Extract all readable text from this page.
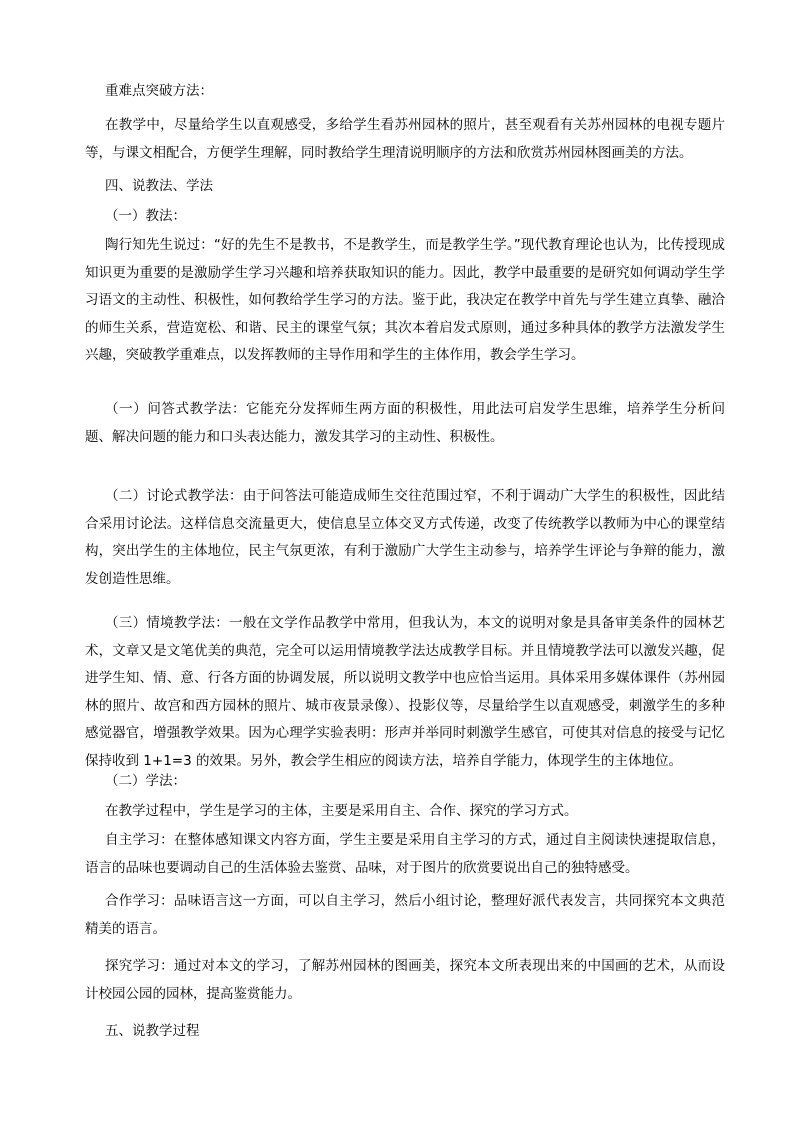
重难点突破方法：
在教学中，尽量给学生以直观感受，多给学生看苏州园林的照片，甚至观看有关苏州园林的电视专题片等，与课文相配合，方便学生理解，同时教给学生理清说明顺序的方法和欣赏苏州园林图画美的方法。
四、说教法、学法
（一）教法：
陶行知先生说过：“好的先生不是教书，不是教学生，而是教学生学。”现代教育理论也认为，比传授现成知识更为重要的是激励学生学习兴趣和培养获取知识的能力。因此，教学中最重要的是研究如何调动学生学习语文的主动性、积极性，如何教给学生学习的方法。鉴于此，我决定在教学中首先与学生建立真挚、融洽的师生关系，营造宽松、和谐、民主的课堂气氛；其次本着启发式原则，通过多种具体的教学方法激发学生兴趣，突破教学重难点，以发挥教师的主导作用和学生的主体作用，教会学生学习。
（一）问答式教学法：它能充分发挥师生两方面的积极性，用此法可启发学生思维，培养学生分析问题、解决问题的能力和口头表达能力，激发其学习的主动性、积极性。
（二）讨论式教学法：由于问答法可能造成师生交往范围过窄，不利于调动广大学生的积极性，因此结合采用讨论法。这样信息交流量更大，使信息呈立体交叉方式传递，改变了传统教学以教师为中心的课堂结构，突出学生的主体地位，民主气氛更浓，有利于激励广大学生主动参与，培养学生评论与争辩的能力，激发创造性思维。
（三）情境教学法：一般在文学作品教学中常用，但我认为，本文的说明对象是具备审美条件的园林艺术，文章又是文笔优美的典范，完全可以运用情境教学法达成教学目标。并且情境教学法可以激发兴趣，促进学生知、情、意、行各方面的协调发展，所以说明文教学中也应恰当运用。具体采用多媒体课件（苏州园林的照片、故宫和西方园林的照片、城市夜景录像）、投影仪等，尽量给学生以直观感受，刺激学生的多种感觉器官，增强教学效果。因为心理学实验表明：形声并举同时刺激学生感官，可使其对信息的接受与记忆保持收到 1+1=3 的效果。另外，教会学生相应的阅读方法，培养自学能力，体现学生的主体地位。
（二）学法：
在教学过程中，学生是学习的主体，主要是采用自主、合作、探究的学习方式。
自主学习：在整体感知课文内容方面，学生主要是采用自主学习的方式，通过自主阅读快速提取信息，语言的品味也要调动自己的生活体验去鉴赏、品味，对于图片的欣赏要说出自己的独特感受。
合作学习：品味语言这一方面，可以自主学习，然后小组讨论，整理好派代表发言，共同探究本文典范精美的语言。
探究学习：通过对本文的学习，了解苏州园林的图画美，探究本文所表现出来的中国画的艺术，从而设计校园公园的园林，提高鉴赏能力。
五、说教学过程
